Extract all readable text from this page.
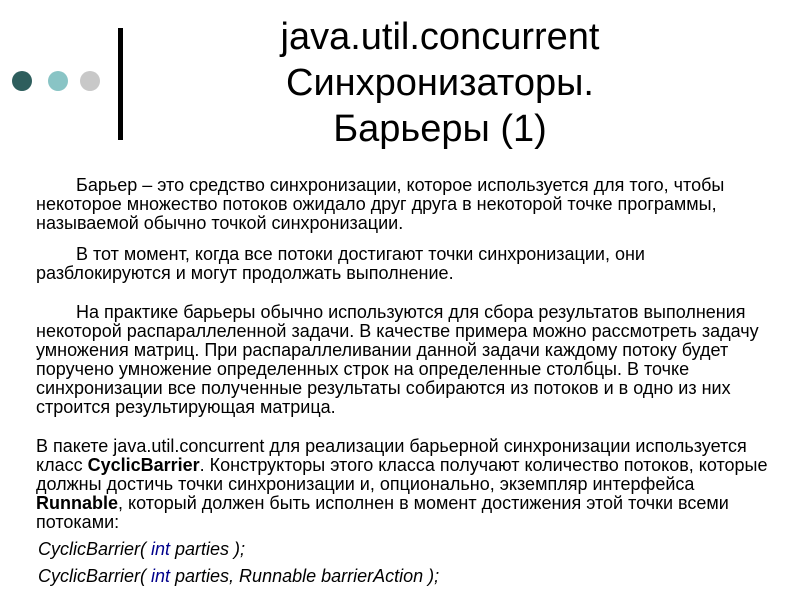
java.util.concurrent
Синхронизаторы.
Барьеры (1)

Барьер – это средство синхронизации, которое используется для того, чтобы некоторое множество потоков ожидало друг друга в некоторой точке программы, называемой обычно точкой синхронизации.

В тот момент, когда все потоки достигают точки синхронизации, они разблокируются и могут продолжать выполнение.

На практике барьеры обычно используются для сбора результатов выполнения некоторой распараллеленной задачи. В качестве примера можно рассмотреть задачу умножения матриц. При распараллеливании данной задачи каждому потоку будет поручено умножение определенных строк на определенные столбцы. В точке синхронизации все полученные результаты собираются из потоков и в одно из них строится результирующая матрица.

В пакете java.util.concurrent для реализации барьерной синхронизации используется класс CyclicBarrier. Конструкторы этого класса получают количество потоков, которые должны достичь точки синхронизации и, опционально, экземпляр интерфейса Runnable, который должен быть исполнен в момент достижения этой точки всеми потоками:

CyclicBarrier( int parties );
CyclicBarrier( int parties, Runnable barrierAction );
